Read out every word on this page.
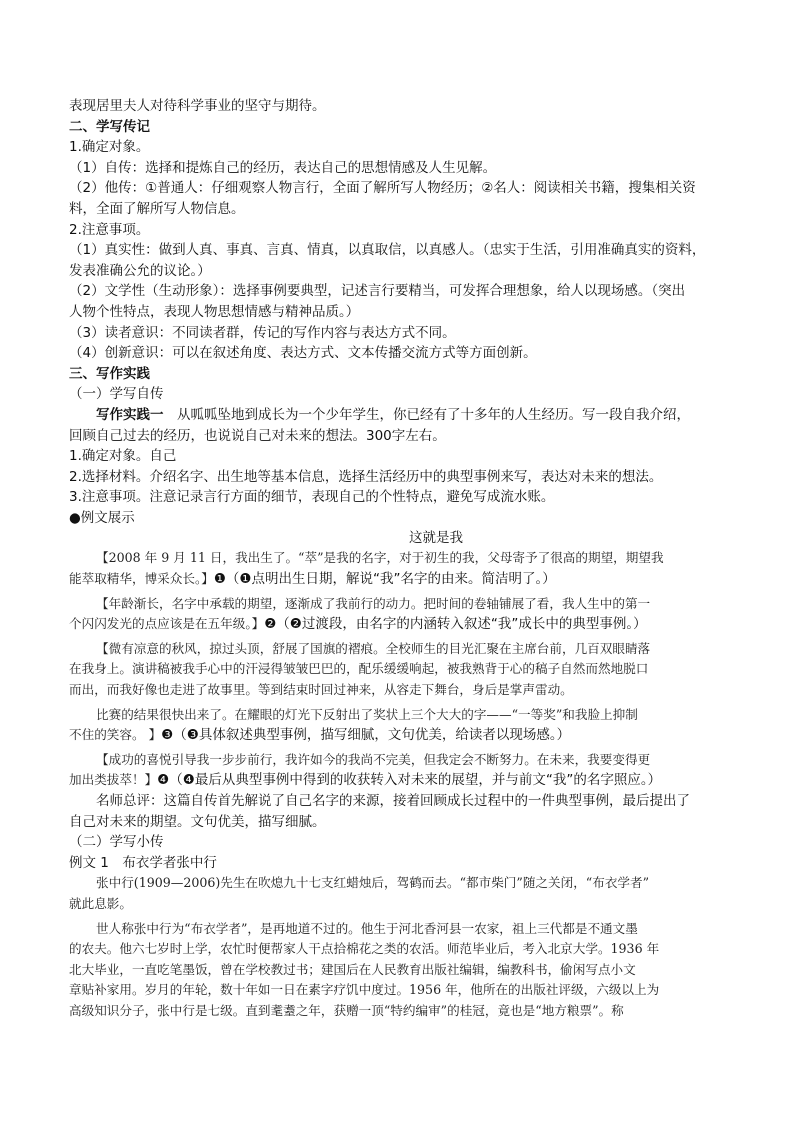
表现居里夫人对待科学事业的坚守与期待。
二、学写传记
1.确定对象。
（1）自传：选择和提炼自己的经历，表达自己的思想情感及人生见解。
（2）他传：①普通人：仔细观察人物言行，全面了解所写人物经历；②名人：阅读相关书籍，搜集相关资
料，全面了解所写人物信息。
2.注意事项。
（1）真实性：做到人真、事真、言真、情真，以真取信，以真感人。（忠实于生活，引用准确真实的资料，
发表准确公允的议论。）
（2）文学性（生动形象）：选择事例要典型，记述言行要精当，可发挥合理想象，给人以现场感。（突出
人物个性特点，表现人物思想情感与精神品质。）
（3）读者意识：不同读者群，传记的写作内容与表达方式不同。
（4）创新意识：可以在叙述角度、表达方式、文本传播交流方式等方面创新。
三、写作实践
（一）学写自传
写作实践一　 从呱呱坠地到成长为一个少年学生，你已经有了十多年的人生经历。写一段自我介绍，
回顾自己过去的经历，也说说自己对未来的想法。300字左右。
1.确定对象。自己
2.选择材料。介绍名字、出生地等基本信息，选择生活经历中的典型事例来写，表达对未来的想法。
3.注意事项。注意记录言行方面的细节，表现自己的个性特点，避免写成流水账。
●例文展示
这就是我
【2008 年 9 月 11 日，我出生了。“萃”是我的名字，对于初生的我，父母寄予了很高的期望，期望我
能萃取精华，博采众长。】❶（❶点明出生日期，解说“我”名字的由来。简洁明了。）
【年龄渐长，名字中承载的期望，逐渐成了我前行的动力。把时间的卷轴铺展了看，我人生中的第一
个闪闪发光的点应该是在五年级。】❷（❷过渡段，由名字的内涵转入叙述“我”成长中的典型事例。）
【微有凉意的秋风，掠过头顶，舒展了国旗的褶痕。全校师生的目光汇聚在主席台前，几百双眼睛落
在我身上。演讲稿被我手心中的汗浸得皱皱巴巴的，配乐缓缓响起，被我熟背于心的稿子自然而然地脱口
而出，而我好像也走进了故事里。等到结束时回过神来，从容走下舞台，身后是掌声雷动。
比赛的结果很快出来了。在耀眼的灯光下反射出了奖状上三个大大的字——“一等奖”和我脸上抑制
不住的笑容。 】❸（❸具体叙述典型事例，描写细腻，文句优美，给读者以现场感。）
【成功的喜悦引导我一步步前行，我许如今的我尚不完美，但我定会不断努力。在未来，我要变得更
加出类拔萃！】❹（❹最后从典型事例中得到的收获转入对未来的展望，并与前文“我”的名字照应。）
名师总评：这篇自传首先解说了自己名字的来源，接着回顾成长过程中的一件典型事例，最后提出了
自己对未来的期望。文句优美，描写细腻。
（二）学写小传
例文 1　布衣学者张中行
张中行(1909—2006)先生在吹熄九十七支红蜡烛后，驾鹤而去。“都市柴门”随之关闭，“布衣学者”
就此息影。
世人称张中行为“布衣学者”，是再地道不过的。他生于河北香河县一农家，祖上三代都是不通文墨
的农夫。他六七岁时上学，农忙时便帮家人干点拾棉花之类的农活。师范毕业后，考入北京大学。1936 年
北大毕业，一直吃笔墨饭，曾在学校教过书；建国后在人民教育出版社编辑，编教科书，偷闲写点小文
章贴补家用。岁月的年轮，数十年如一日在素字疗饥中度过。1956 年，他所在的出版社评级，六级以上为
高级知识分子，张中行是七级。直到耄耋之年，获赠一顶“特约编审”的桂冠，竟也是“地方粮票”。称
